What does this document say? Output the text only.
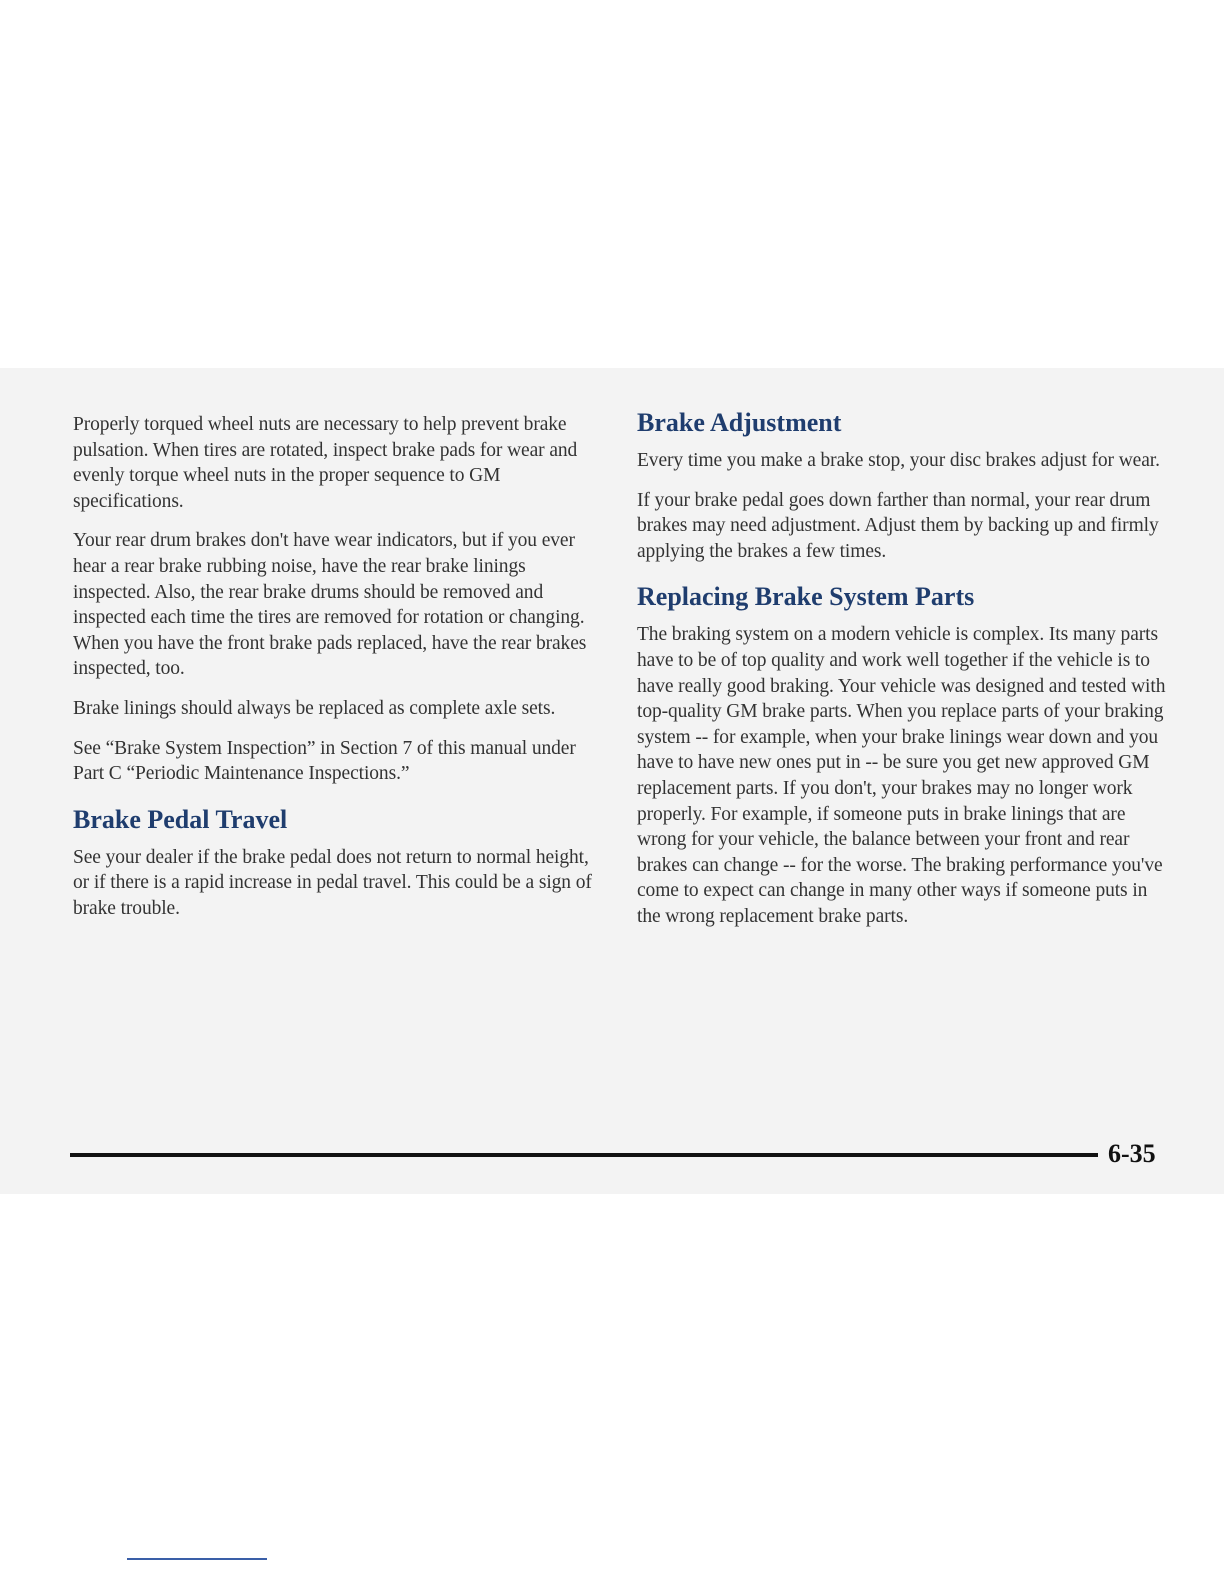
Properly torqued wheel nuts are necessary to help prevent brake pulsation. When tires are rotated, inspect brake pads for wear and evenly torque wheel nuts in the proper sequence to GM specifications.

Your rear drum brakes don't have wear indicators, but if you ever hear a rear brake rubbing noise, have the rear brake linings inspected. Also, the rear brake drums should be removed and inspected each time the tires are removed for rotation or changing. When you have the front brake pads replaced, have the rear brakes inspected, too.

Brake linings should always be replaced as complete axle sets.

See “Brake System Inspection” in Section 7 of this manual under Part C “Periodic Maintenance Inspections.”

Brake Pedal Travel

See your dealer if the brake pedal does not return to normal height, or if there is a rapid increase in pedal travel. This could be a sign of brake trouble.

Brake Adjustment

Every time you make a brake stop, your disc brakes adjust for wear.

If your brake pedal goes down farther than normal, your rear drum brakes may need adjustment. Adjust them by backing up and firmly applying the brakes a few times.

Replacing Brake System Parts

The braking system on a modern vehicle is complex. Its many parts have to be of top quality and work well together if the vehicle is to have really good braking. Your vehicle was designed and tested with top-quality GM brake parts. When you replace parts of your braking system -- for example, when your brake linings wear down and you have to have new ones put in -- be sure you get new approved GM replacement parts. If you don't, your brakes may no longer work properly. For example, if someone puts in brake linings that are wrong for your vehicle, the balance between your front and rear brakes can change -- for the worse. The braking performance you've come to expect can change in many other ways if someone puts in the wrong replacement brake parts.

6-35
